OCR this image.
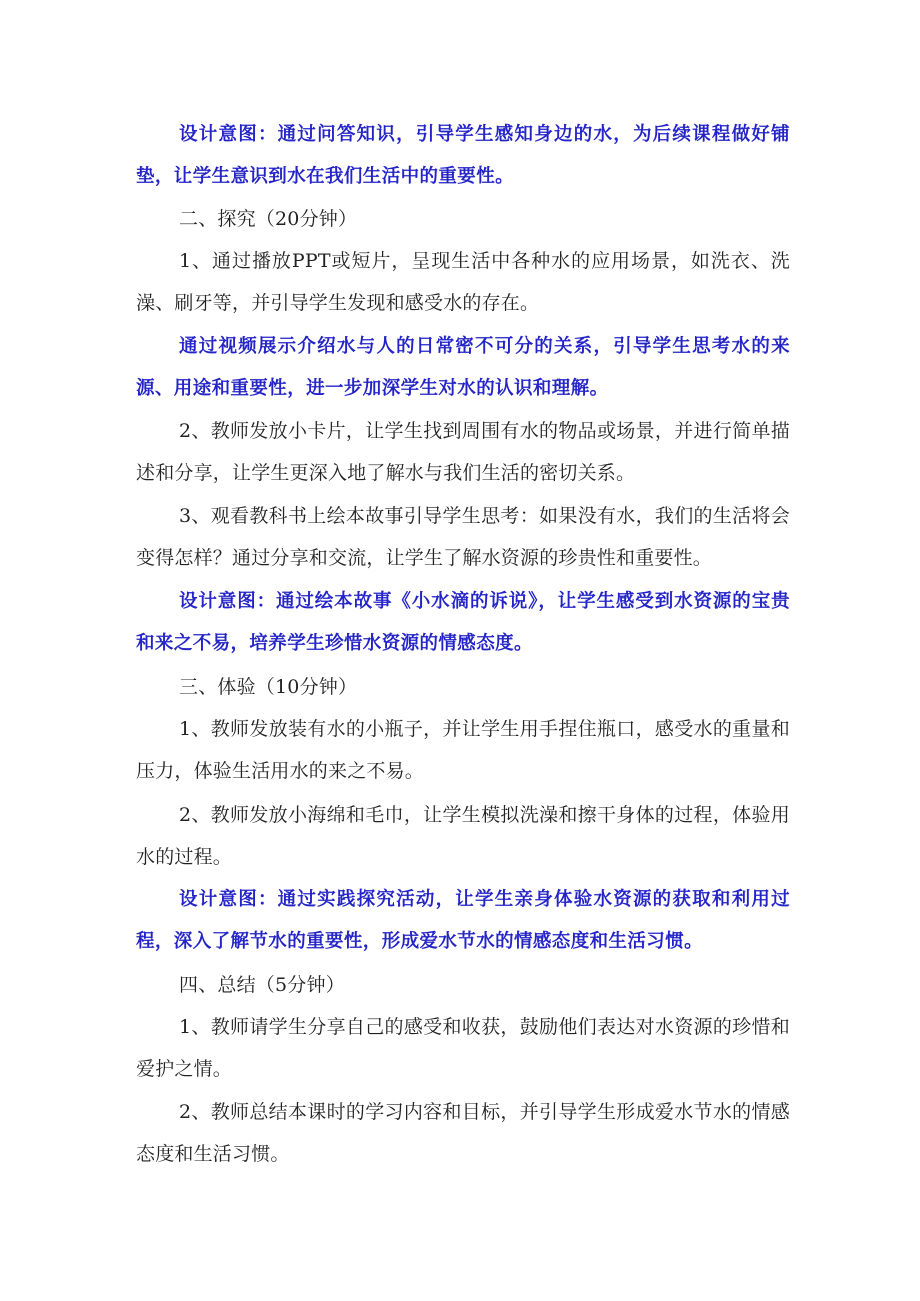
设计意图：通过问答知识，引导学生感知身边的水，为后续课程做好铺垫，让学生意识到水在我们生活中的重要性。

二、探究（20分钟）

1、通过播放PPT或短片，呈现生活中各种水的应用场景，如洗衣、洗澡、刷牙等，并引导学生发现和感受水的存在。

通过视频展示介绍水与人的日常密不可分的关系，引导学生思考水的来源、用途和重要性，进一步加深学生对水的认识和理解。

2、教师发放小卡片，让学生找到周围有水的物品或场景，并进行简单描述和分享，让学生更深入地了解水与我们生活的密切关系。

3、观看教科书上绘本故事引导学生思考：如果没有水，我们的生活将会变得怎样？通过分享和交流，让学生了解水资源的珍贵性和重要性。

设计意图：通过绘本故事《小水滴的诉说》，让学生感受到水资源的宝贵和来之不易，培养学生珍惜水资源的情感态度。

三、体验（10分钟）

1、教师发放装有水的小瓶子，并让学生用手捏住瓶口，感受水的重量和压力，体验生活用水的来之不易。

2、教师发放小海绵和毛巾，让学生模拟洗澡和擦干身体的过程，体验用水的过程。

设计意图：通过实践探究活动，让学生亲身体验水资源的获取和利用过程，深入了解节水的重要性，形成爱水节水的情感态度和生活习惯。

四、总结（5分钟）

1、教师请学生分享自己的感受和收获，鼓励他们表达对水资源的珍惜和爱护之情。

2、教师总结本课时的学习内容和目标，并引导学生形成爱水节水的情感态度和生活习惯。
